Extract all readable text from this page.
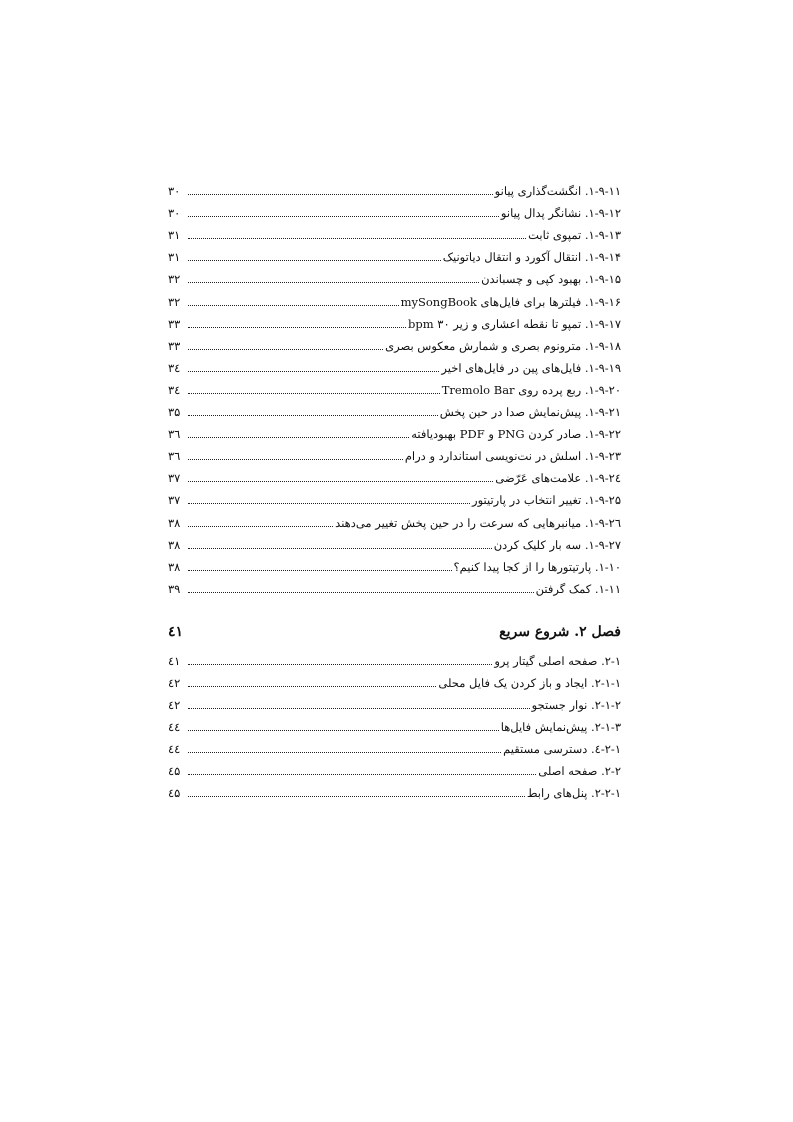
۱-۹-۱۱. انگشت‌گذاری پیانو
۳۰
۱-۹-۱۲. نشانگر پدال پیانو
۳۰
۱-۹-۱۳. تمپوی ثابت
۳۱
۱-۹-۱۴. انتقال آکورد و انتقال دیاتونیک
۳۱
۱-۹-۱۵. بهبود کپی و چسباندن
۳۲
۱-۹-۱۶. فیلترها برای فایل‌های mySongBook
۳۲
۱-۹-۱۷. تمپو تا نقطه اعشاری و زیر ۳۰ bpm
۳۳
۱-۹-۱۸. مترونوم بصری و شمارش معکوس بصری
۳۳
۱-۹-۱۹. فایل‌های پین در فایل‌های اخیر
۳٤
۱-۹-۲۰. ربع پرده روی Tremolo Bar
۳٤
۱-۹-۲۱. پیش‌نمایش صدا در حین پخش
۳۵
۱-۹-۲۲. صادر کردن PNG و PDF بهبودیافته
۳٦
۱-۹-۲۳. اسلش در نت‌نویسی استاندارد و درام
۳٦
۱-۹-۲٤. علامت‌های عَرّضی
۳۷
۱-۹-۲۵. تغییر انتخاب در پارتیتور
۳۷
۱-۹-۲٦. میانبرهایی که سرعت را در حین پخش تغییر می‌دهند
۳۸
۱-۹-۲۷. سه بار کلیک کردن
۳۸
۱-۱۰. پارتیتورها را از کجا پیدا کنیم؟
۳۸
۱-۱۱. کمک گرفتن
۳۹
فصل ۲. شروع سریع
٤۱
۲-۱. صفحه اصلی گیتار پرو
٤۱
۲-۱-۱. ایجاد و باز کردن یک فایل محلی
٤۲
۲-۱-۲. نوار جستجو
٤۲
۲-۱-۳. پیش‌نمایش فایل‌ها
٤٤
۲-۱-٤. دسترسی مستقیم
٤٤
۲-۲. صفحه اصلی
٤۵
۲-۲-۱. پنل‌های رابط
٤۵
